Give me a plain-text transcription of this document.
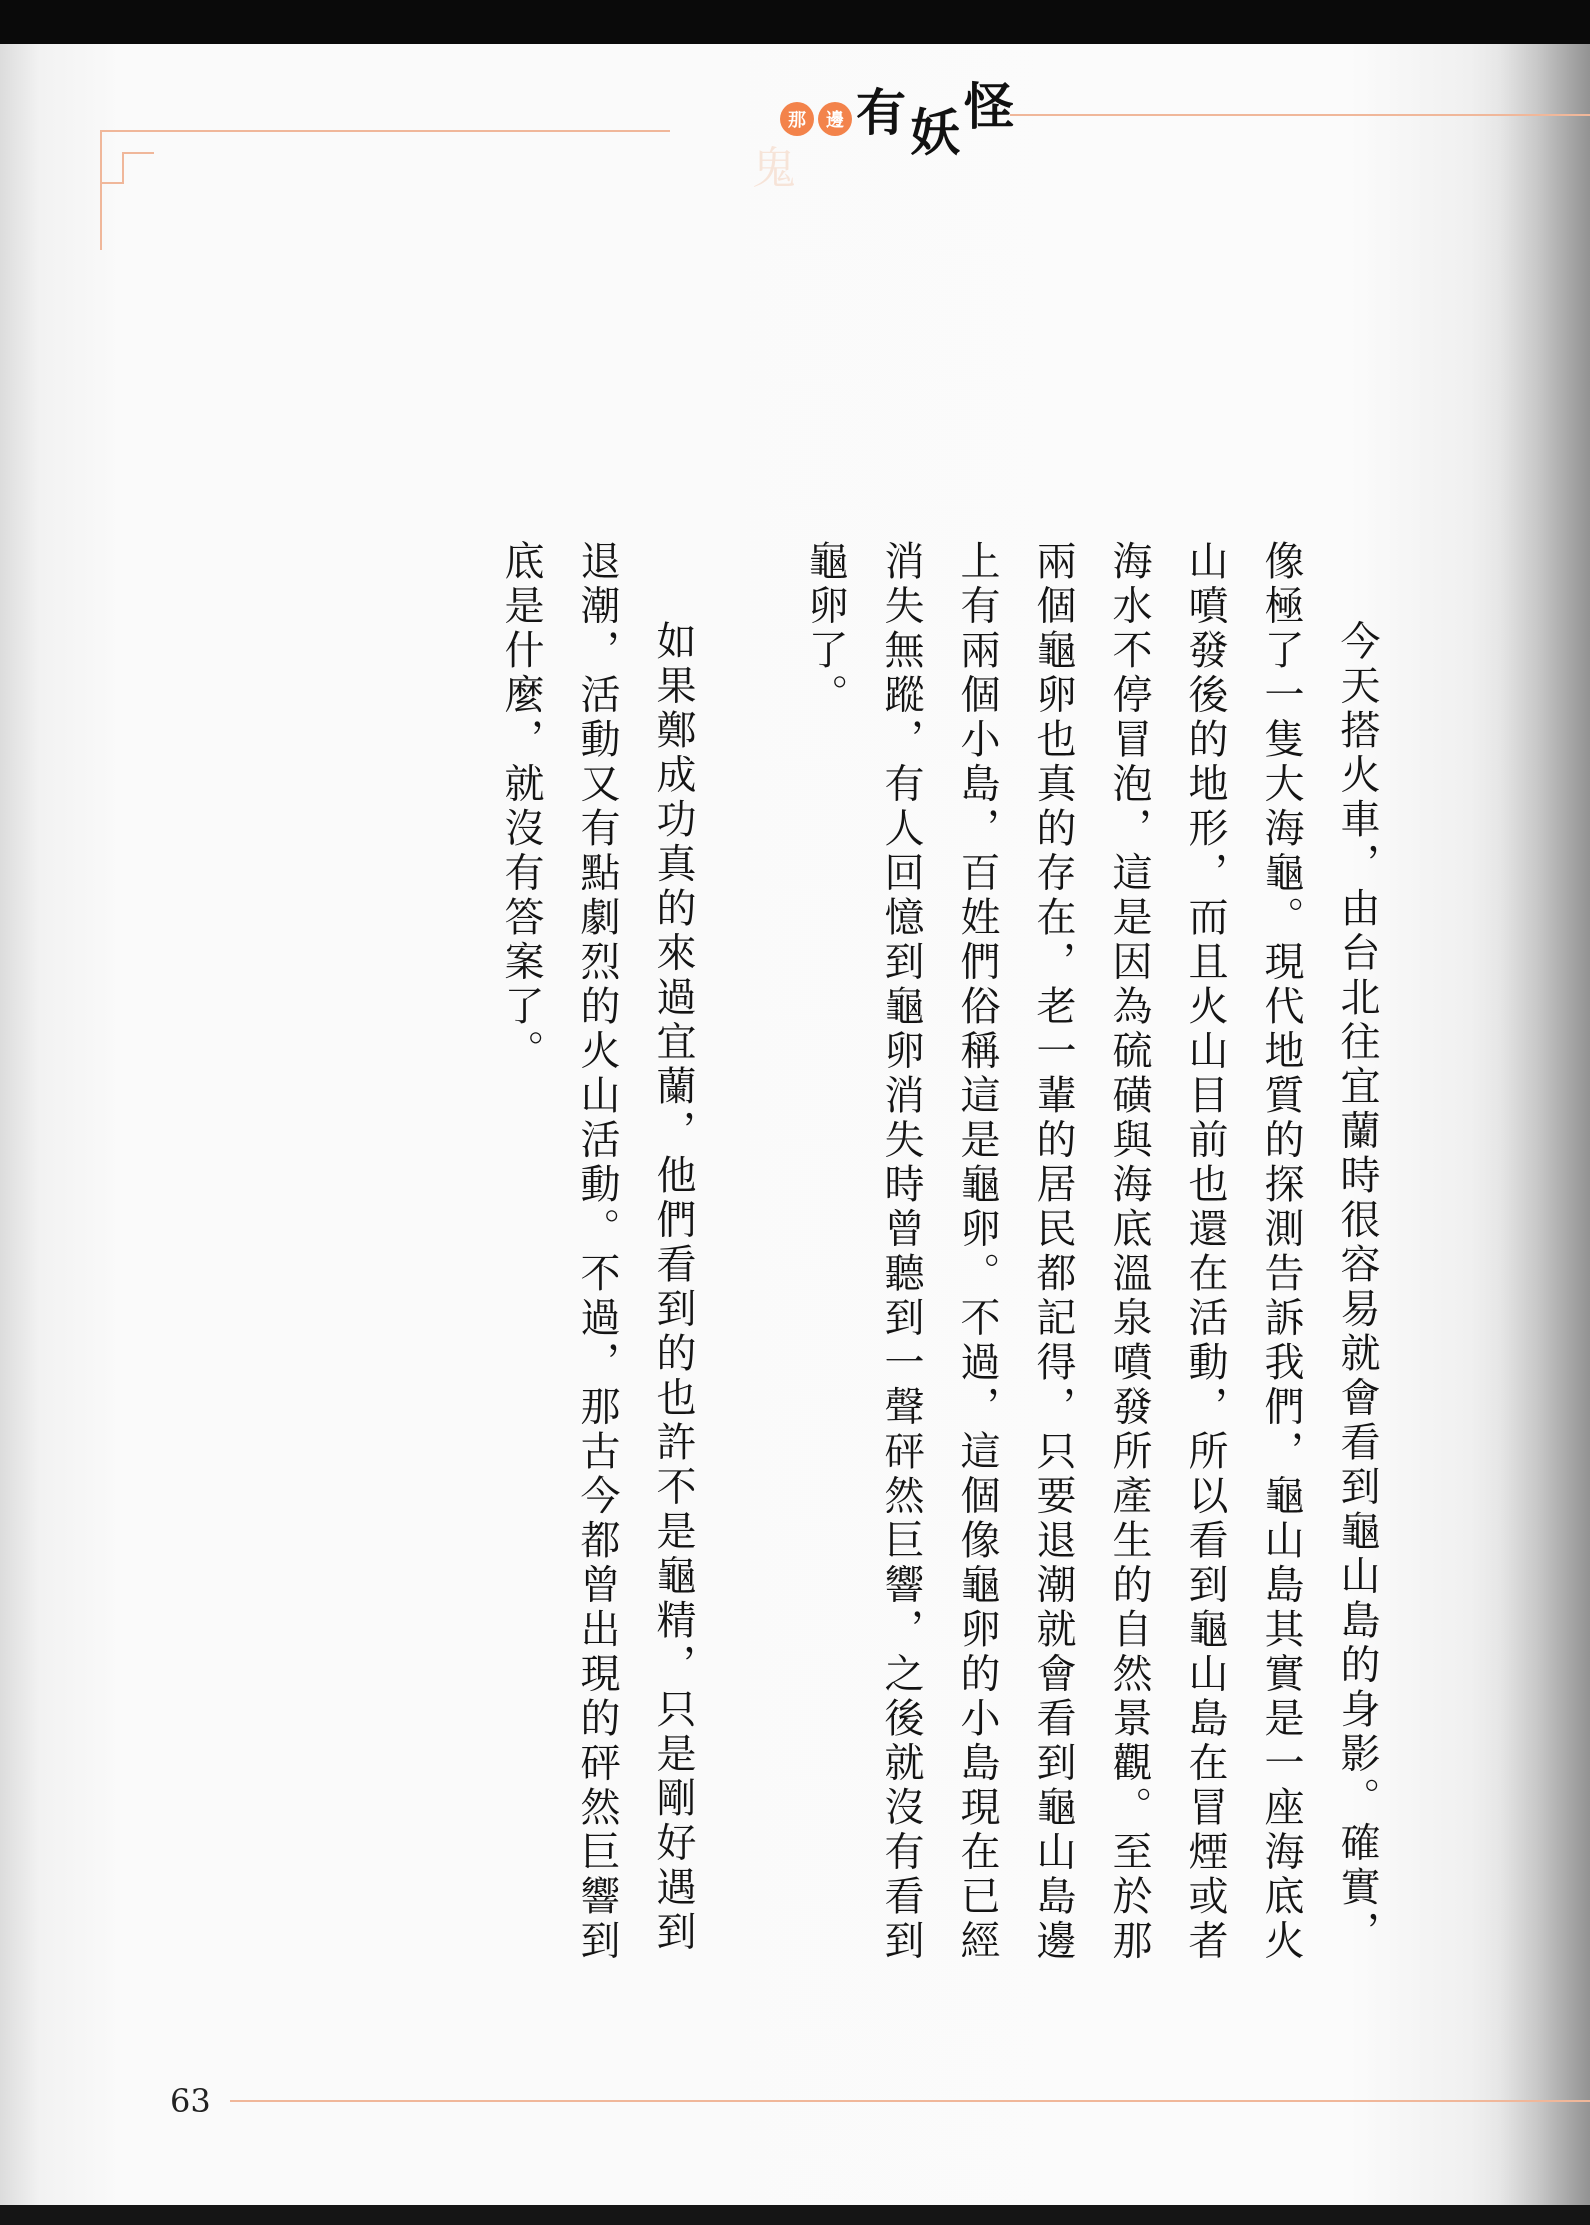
鬼
那	邊 有 妖 怪

今天搭火車，由台北往宜蘭時很容易就會看到龜山島的身影。確實，像極了一隻大海龜。現代地質的探測告訴我們，龜山島其實是一座海底火山噴發後的地形，而且火山目前也還在活動，所以看到龜山島在冒煙或者海水不停冒泡，這是因為硫磺與海底溫泉噴發所產生的自然景觀。至於那兩個龜卵也真的存在，老一輩的居民都記得，只要退潮就會看到龜山島邊上有兩個小島，百姓們俗稱這是龜卵。不過，這個像龜卵的小島現在已經消失無蹤，有人回憶到龜卵消失時曾聽到一聲砰然巨響，之後就沒有看到龜卵了。

如果鄭成功真的來過宜蘭，他們看到的也許不是龜精，只是剛好遇到退潮，活動又有點劇烈的火山活動。不過，那古今都曾出現的砰然巨響到底是什麼，就沒有答案了。

63
